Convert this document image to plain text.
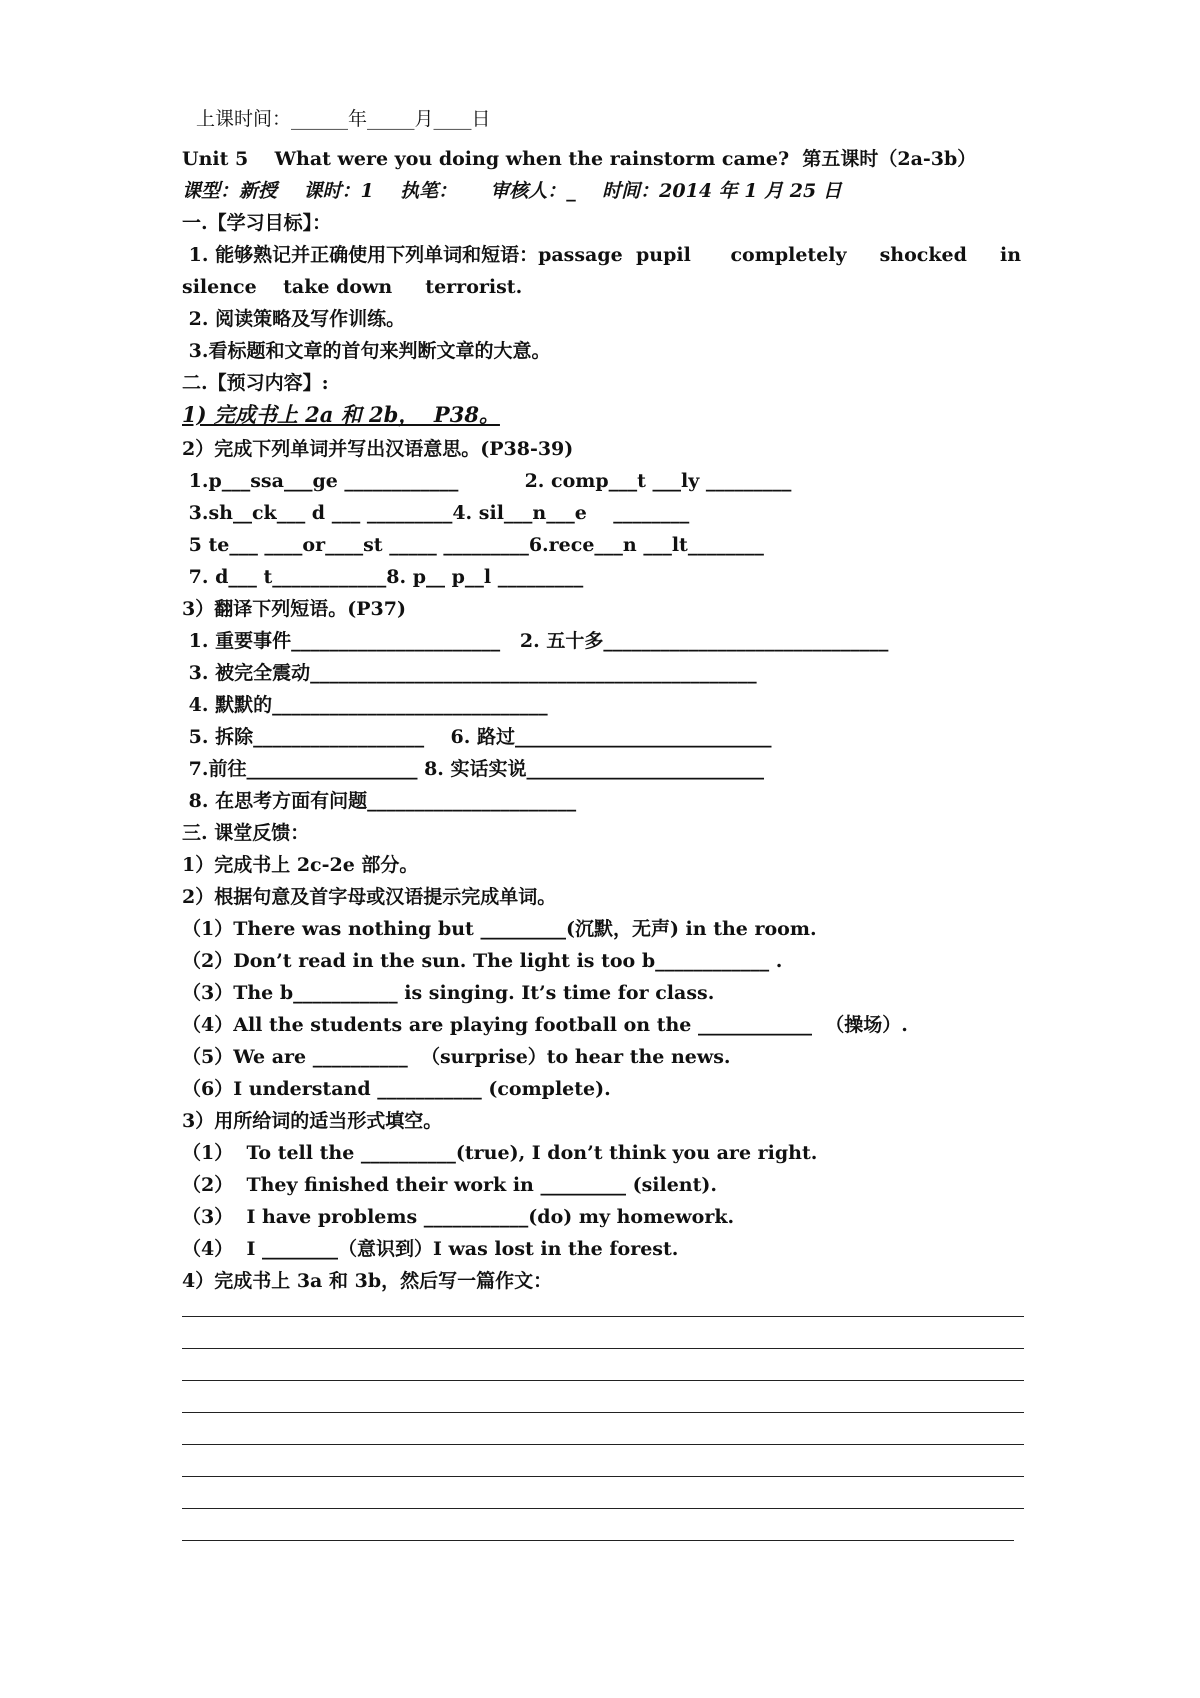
上课时间：______年_____月____日
Unit 5    What were you doing when the rainstorm came?  第五课时（2a-3b）
课型：新授    课时：1    执笔：     审核人：_    时间：2014 年 1 月 25 日
一.【学习目标】：
1. 能够熟记并正确使用下列单词和短语：passage  pupil      completely     shocked     in
silence    take down     terrorist.
2. 阅读策略及写作训练。
3.看标题和文章的首句来判断文章的大意。
二.【预习内容】:
1) 完成书上 2a 和 2b，  P38。
2）完成下列单词并写出汉语意思。(P38-39)
1.p___ssa___ge ____________          2. comp___t ___ly _________
3.sh__ck___ d ___ _________4. sil___n___e    ________
5 te___ ____or____st _____ _________6.rece___n ___lt________
7. d___ t____________8. p__ p__l _________
3）翻译下列短语。(P37)
1. 重要事件______________________   2. 五十多______________________________
3. 被完全震动_______________________________________________
4. 默默的_____________________________
5. 拆除__________________    6. 路过___________________________
7.前往__________________ 8. 实话实说_________________________
8. 在思考方面有问题______________________
三. 课堂反馈：
1）完成书上 2c-2e 部分。
2）根据句意及首字母或汉语提示完成单词。
（1）There was nothing but _________(沉默，无声) in the room.
（2）Don’t read in the sun. The light is too b____________ .
（3）The b___________ is singing. It’s time for class.
（4）All the students are playing football on the ____________  （操场）.
（5）We are __________  （surprise）to hear the news.
（6）I understand ___________ (complete).
3）用所给词的适当形式填空。
（1）  To tell the __________(true), I don’t think you are right.
（2）  They finished their work in _________ (silent).
（3）  I have problems ___________(do) my homework.
（4）  I ________（意识到）I was lost in the forest.
4）完成书上 3a 和 3b，然后写一篇作文：
